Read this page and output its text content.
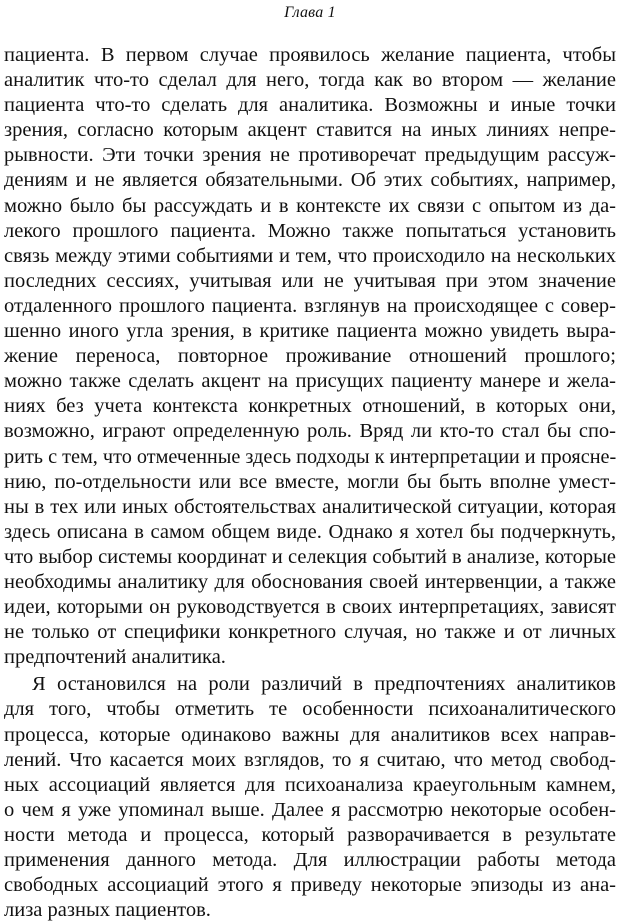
Глава 1
пациента. В первом случае проявилось желание пациента, чтобы
аналитик что-то сделал для него, тогда как во втором — желание
пациента что-то сделать для аналитика. Возможны и иные точки
зрения, согласно которым акцент ставится на иных линиях непре-
рывности. Эти точки зрения не противоречат предыдущим рассуж-
дениям и не является обязательными. Об этих событиях, например,
можно было бы рассуждать и в контексте их связи с опытом из да-
лекого прошлого пациента. Можно также попытаться установить
связь между этими событиями и тем, что происходило на нескольких
последних сессиях, учитывая или не учитывая при этом значение
отдаленного прошлого пациента. взглянув на происходящее с совер-
шенно иного угла зрения, в критике пациента можно увидеть выра-
жение переноса, повторное проживание отношений прошлого;
можно также сделать акцент на присущих пациенту манере и жела-
ниях без учета контекста конкретных отношений, в которых они,
возможно, играют определенную роль. Вряд ли кто-то стал бы спо-
рить с тем, что отмеченные здесь подходы к интерпретации и проясне-
нию, по-отдельности или все вместе, могли бы быть вполне умест-
ны в тех или иных обстоятельствах аналитической ситуации, которая
здесь описана в самом общем виде. Однако я хотел бы подчеркнуть,
что выбор системы координат и селекция событий в анализе, которые
необходимы аналитику для обоснования своей интервенции, а также
идеи, которыми он руководствуется в своих интерпретациях, зависят
не только от специфики конкретного случая, но также и от личных
предпочтений аналитика.
Я остановился на роли различий в предпочтениях аналитиков
для того, чтобы отметить те особенности психоаналитического
процесса, которые одинаково важны для аналитиков всех направ-
лений. Что касается моих взглядов, то я считаю, что метод свобод-
ных ассоциаций является для психоанализа краеугольным камнем,
о чем я уже упоминал выше. Далее я рассмотрю некоторые особен-
ности метода и процесса, который разворачивается в результате
применения данного метода. Для иллюстрации работы метода
свободных ассоциаций этого я приведу некоторые эпизоды из ана-
лиза разных пациентов.
